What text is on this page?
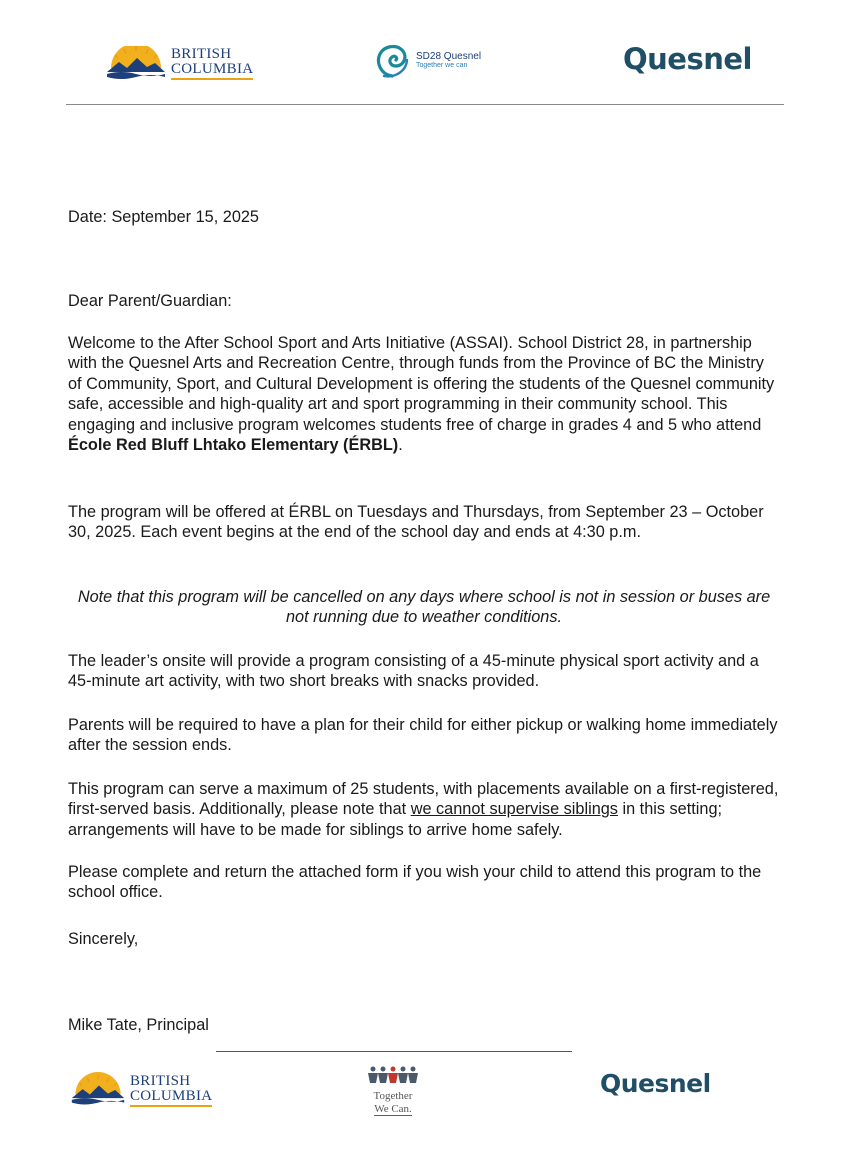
BRITISH
COLUMBIA
SD28 Quesnel
Together we can	Quesnel
Date: September 15, 2025
Dear Parent/Guardian:

Welcome to the After School Sport and Arts Initiative (ASSAI). School District 28, in partnership with the Quesnel Arts and Recreation Centre, through funds from the Province of BC the Ministry of Community, Sport, and Cultural Development is offering the students of the Quesnel community safe, accessible and high-quality art and sport programming in their community school. This engaging and inclusive program welcomes students free of charge in grades 4 and 5 who attend École Red Bluff Lhtako Elementary (ÉRBL).

The program will be offered at ÉRBL on Tuesdays and Thursdays, from September 23 – October 30, 2025. Each event begins at the end of the school day and ends at 4:30 p.m.
Note that this program will be cancelled on any days where school is not in session or buses are not running due to weather conditions.
The leader’s onsite will provide a program consisting of a 45-minute physical sport activity and a 45-minute art activity, with two short breaks with snacks provided.
Parents will be required to have a plan for their child for either pickup or walking home immediately after the session ends.

This program can serve a maximum of 25 students, with placements available on a first-registered, first-served basis. Additionally, please note that we cannot supervise siblings in this setting; arrangements will have to be made for siblings to arrive home safely.

Please complete and return the attached form if you wish your child to attend this program to the school office.
Sincerely,
Mike Tate, Principal
BRITISH
COLUMBIA	Together
We Can.
Quesnel
